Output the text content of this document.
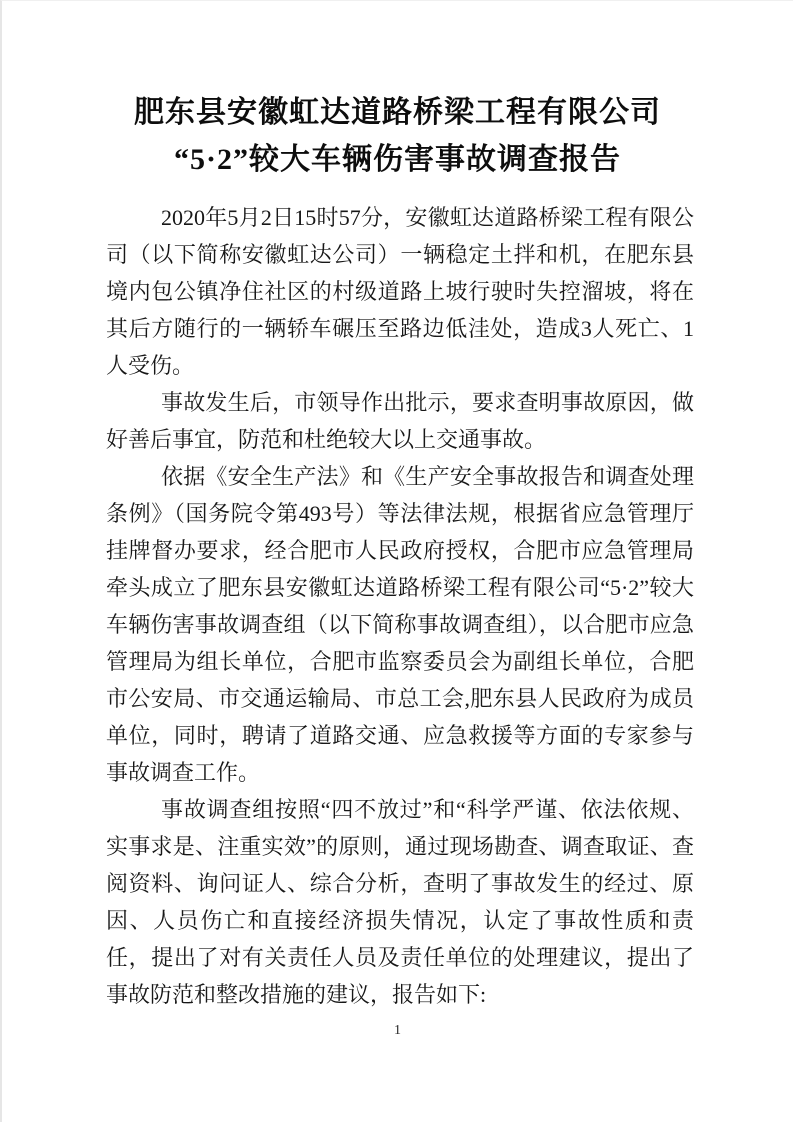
肥东县安徽虹达道路桥梁工程有限公司
“5·2”较大车辆伤害事故调查报告

2020年5月2日15时57分，安徽虹达道路桥梁工程有限公司（以下简称安徽虹达公司）一辆稳定土拌和机，在肥东县境内包公镇净住社区的村级道路上坡行驶时失控溜坡，将在其后方随行的一辆轿车碾压至路边低洼处，造成3人死亡、1人受伤。

事故发生后，市领导作出批示，要求查明事故原因，做好善后事宜，防范和杜绝较大以上交通事故。

依据《安全生产法》和《生产安全事故报告和调查处理条例》（国务院令第493号）等法律法规，根据省应急管理厅挂牌督办要求，经合肥市人民政府授权，合肥市应急管理局牵头成立了肥东县安徽虹达道路桥梁工程有限公司“5·2”较大车辆伤害事故调查组（以下简称事故调查组），以合肥市应急管理局为组长单位，合肥市监察委员会为副组长单位，合肥市公安局、市交通运输局、市总工会,肥东县人民政府为成员单位，同时，聘请了道路交通、应急救援等方面的专家参与事故调查工作。

事故调查组按照“四不放过”和“科学严谨、依法依规、实事求是、注重实效”的原则，通过现场勘查、调查取证、查阅资料、询问证人、综合分析，查明了事故发生的经过、原因、人员伤亡和直接经济损失情况，认定了事故性质和责任，提出了对有关责任人员及责任单位的处理建议，提出了事故防范和整改措施的建议，报告如下:

1
